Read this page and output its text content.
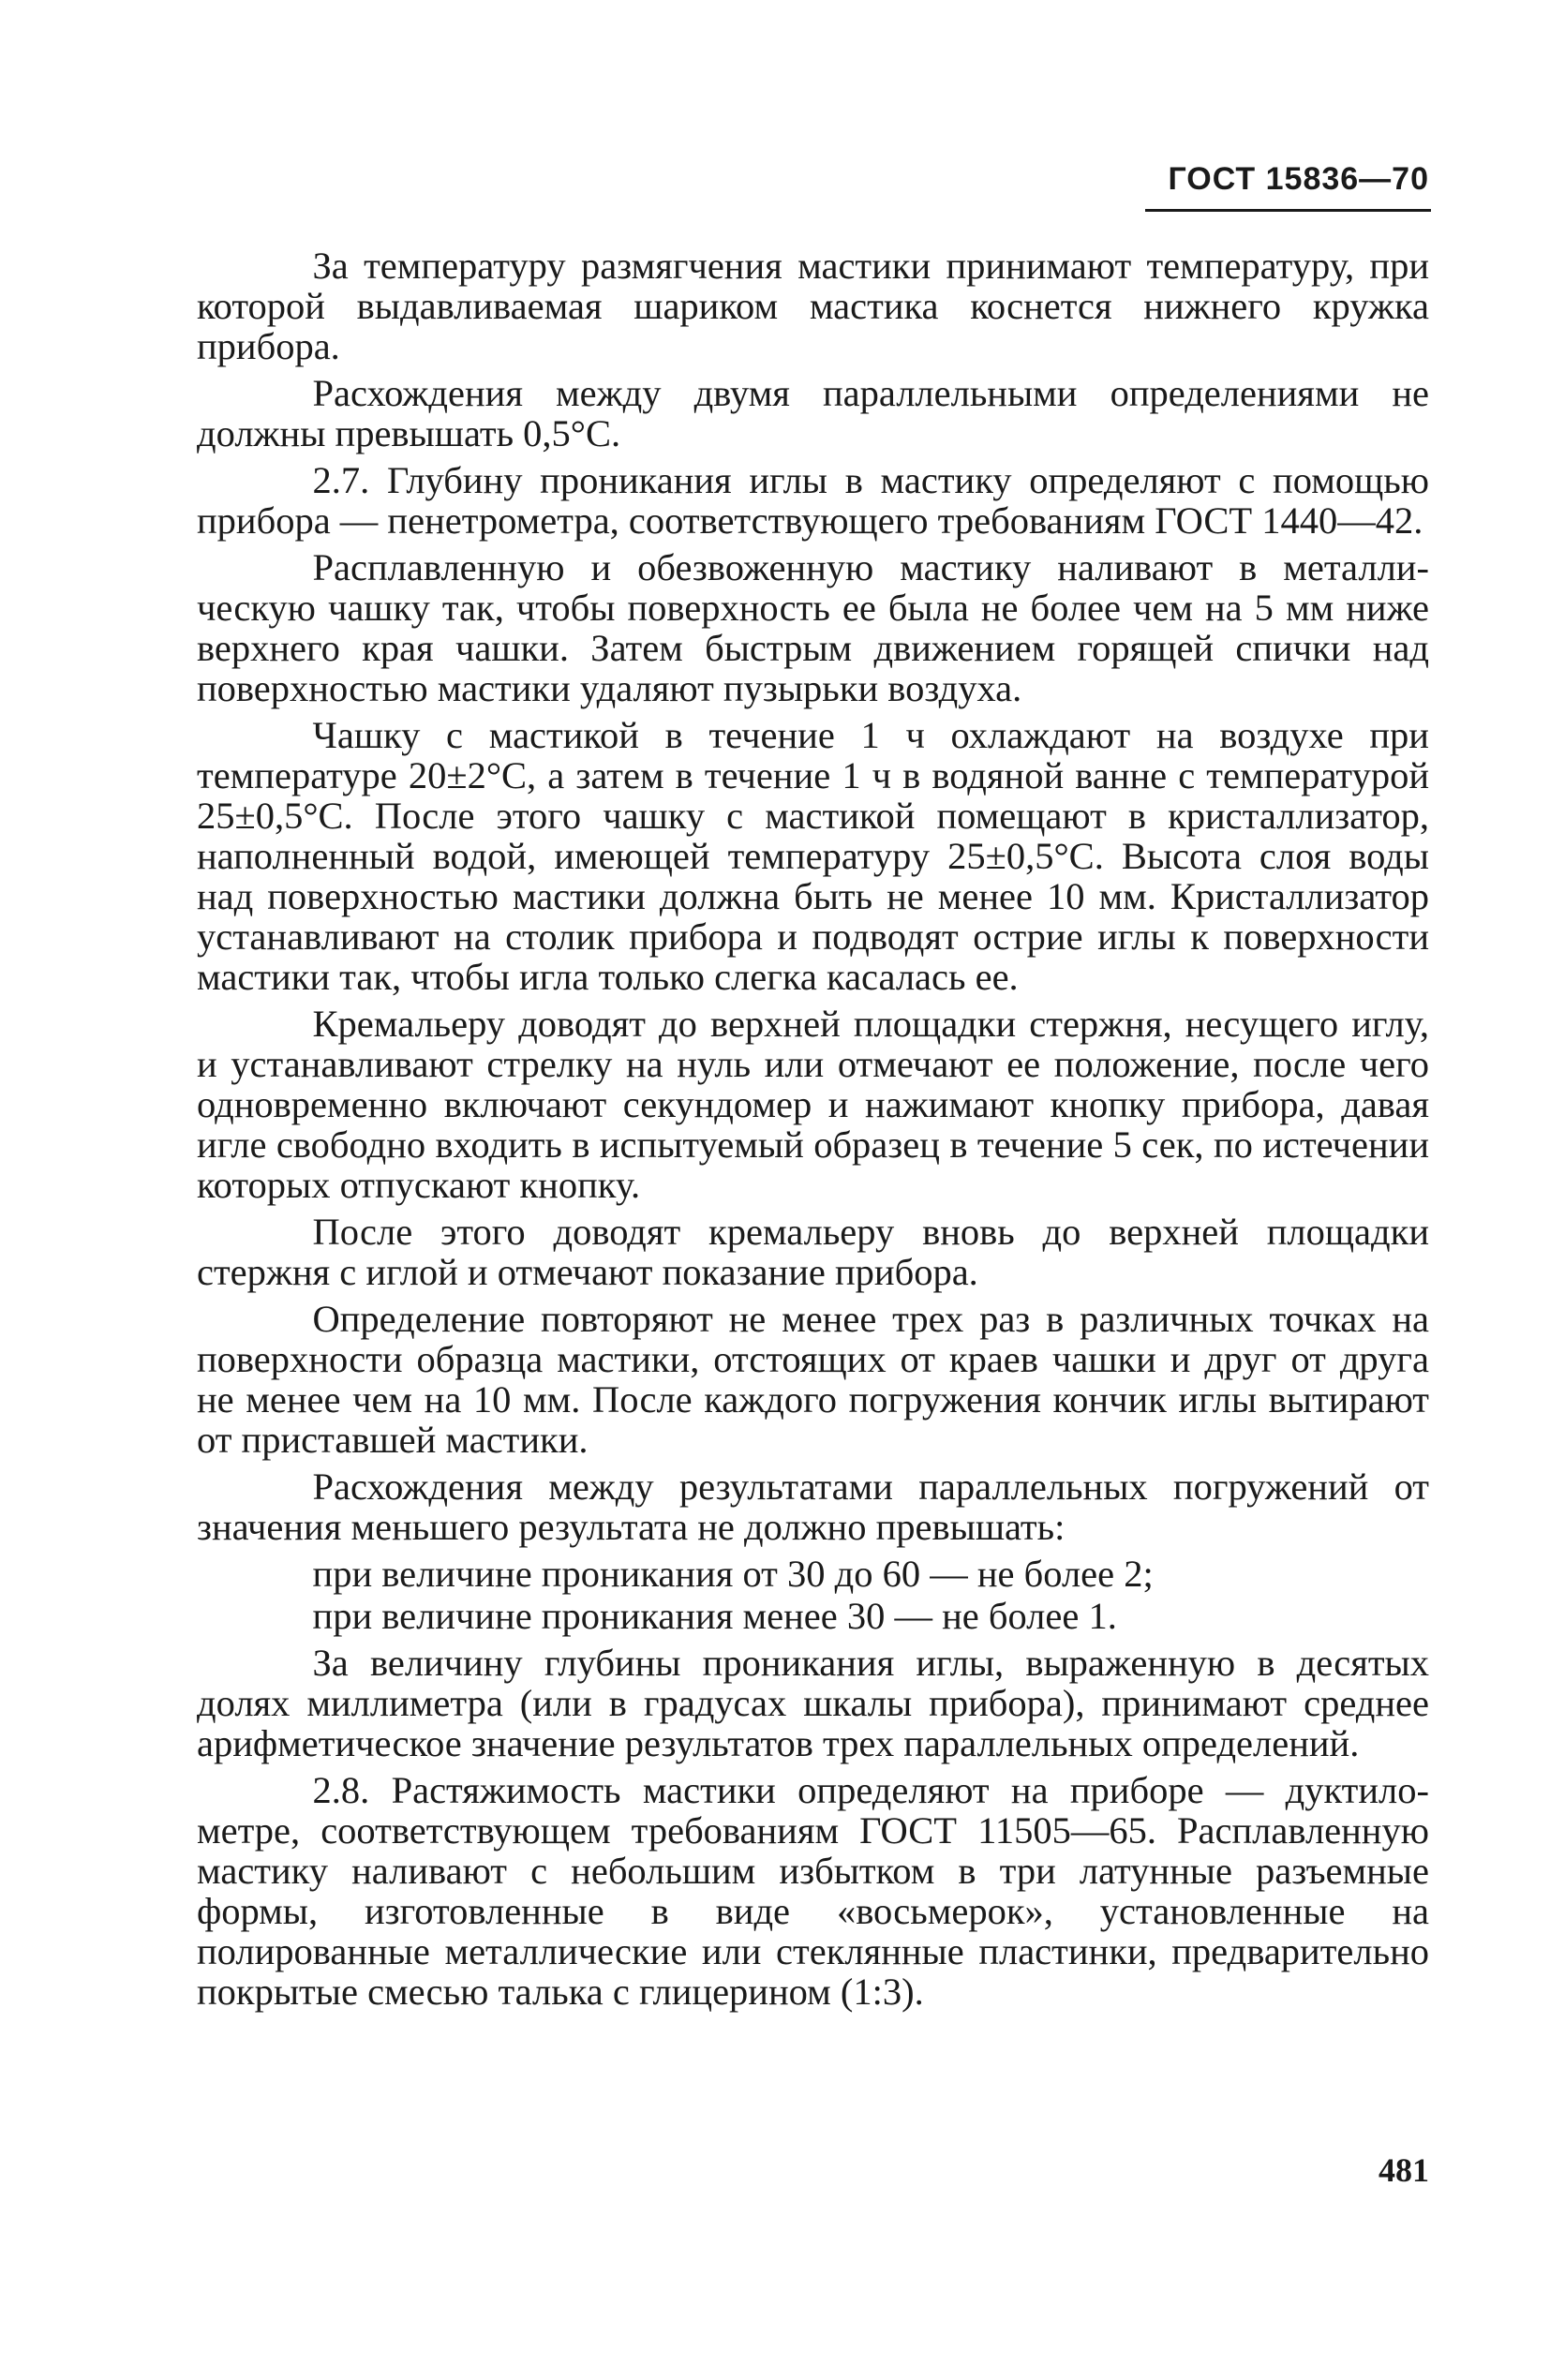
ГОСТ 15836—70

За температуру размягчения мастики принимают температуру, при которой выдавливаемая шариком мастика коснется нижнего кружка прибора.

Расхождения между двумя параллельными определениями не должны превышать 0,5°С.

2.7. Глубину проникания иглы в мастику определяют с помощью прибора — пенетрометра, соответствующего требованиям ГОСТ 1440—42.

Расплавленную и обезвоженную мастику наливают в металлическую чашку так, чтобы поверхность ее была не более чем на 5 мм ниже верхнего края чашки. Затем быстрым движением горящей спички над поверхностью мастики удаляют пузырьки воздуха.

Чашку с мастикой в течение 1 ч охлаждают на воздухе при температуре 20±2°С, а затем в течение 1 ч в водяной ванне с температурой 25±0,5°С. После этого чашку с мастикой помещают в кристаллизатор, наполненный водой, имеющей температуру 25±0,5°С. Высота слоя воды над поверхностью мастики должна быть не менее 10 мм. Кристаллизатор устанавливают на столик прибора и подводят острие иглы к поверхности мастики так, чтобы игла только слегка касалась ее.

Кремальеру доводят до верхней площадки стержня, несущего иглу, и устанавливают стрелку на нуль или отмечают ее положение, после чего одновременно включают секундомер и нажимают кнопку прибора, давая игле свободно входить в испытуемый образец в течение 5 сек, по истечении которых отпускают кнопку.

После этого доводят кремальеру вновь до верхней площадки стержня с иглой и отмечают показание прибора.

Определение повторяют не менее трех раз в различных точках на поверхности образца мастики, отстоящих от краев чашки и друг от друга не менее чем на 10 мм. После каждого погружения кончик иглы вытирают от приставшей мастики.

Расхождения между результатами параллельных погружений от значения меньшего результата не должно превышать:

при величине проникания от 30 до 60 — не более 2;

при величине проникания менее 30 — не более 1.

За величину глубины проникания иглы, выраженную в десятых долях миллиметра (или в градусах шкалы прибора), принимают среднее арифметическое значение результатов трех параллельных определений.

2.8. Растяжимость мастики определяют на приборе — дуктилометре, соответствующем требованиям ГОСТ 11505—65. Расплавленную мастику наливают с небольшим избытком в три латунные разъемные формы, изготовленные в виде «восьмерок», установленные на полированные металлические или стеклянные пластинки, предварительно покрытые смесью талька с глицерином (1:3).

481
